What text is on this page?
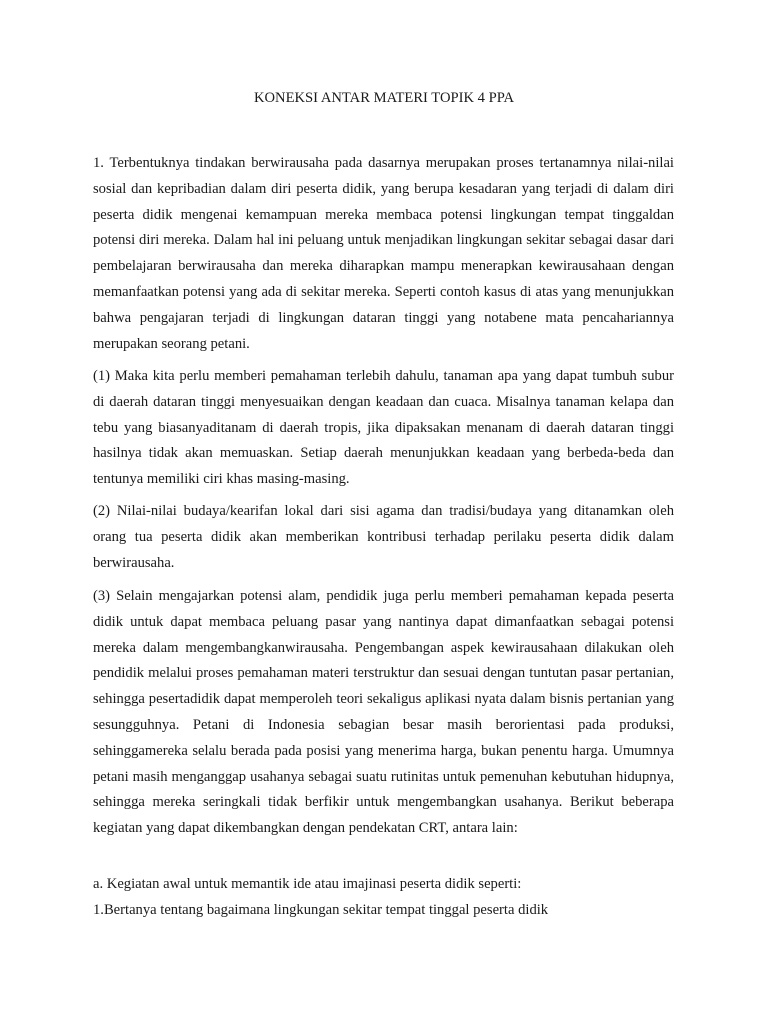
KONEKSI ANTAR MATERI TOPIK 4 PPA

1. Terbentuknya tindakan berwirausaha pada dasarnya merupakan proses tertanamnya nilai-nilai sosial dan kepribadian dalam diri peserta didik, yang berupa kesadaran yang terjadi di dalam diri peserta didik mengenai kemampuan mereka membaca potensi lingkungan tempat tinggaldan potensi diri mereka. Dalam hal ini peluang untuk menjadikan lingkungan sekitar sebagai dasar dari pembelajaran berwirausaha dan mereka diharapkan mampu menerapkan kewirausahaan dengan memanfaatkan potensi yang ada di sekitar mereka. Seperti contoh kasus di atas yang menunjukkan bahwa pengajaran terjadi di lingkungan dataran tinggi yang notabene mata pencahariannya merupakan seorang petani.

(1) Maka kita perlu memberi pemahaman terlebih dahulu, tanaman apa yang dapat tumbuh subur di daerah dataran tinggi menyesuaikan dengan keadaan dan cuaca. Misalnya tanaman kelapa dan tebu yang biasanyaditanam di daerah tropis, jika dipaksakan menanam di daerah dataran tinggi hasilnya tidak akan memuaskan. Setiap daerah menunjukkan keadaan yang berbeda-beda dan tentunya memiliki ciri khas masing-masing.

(2) Nilai-nilai budaya/kearifan lokal dari sisi agama dan tradisi/budaya yang ditanamkan oleh orang tua peserta didik akan memberikan kontribusi terhadap perilaku peserta didik dalam berwirausaha.

(3) Selain mengajarkan potensi alam, pendidik juga perlu memberi pemahaman kepada peserta didik untuk dapat membaca peluang pasar yang nantinya dapat dimanfaatkan sebagai potensi mereka dalam mengembangkanwirausaha. Pengembangan aspek kewirausahaan dilakukan oleh pendidik melalui proses pemahaman materi terstruktur dan sesuai dengan tuntutan pasar pertanian, sehingga pesertadidik dapat memperoleh teori sekaligus aplikasi nyata dalam bisnis pertanian yang sesungguhnya. Petani di Indonesia sebagian besar masih berorientasi pada produksi, sehinggamereka selalu berada pada posisi yang menerima harga, bukan penentu harga. Umumnya petani masih menganggap usahanya sebagai suatu rutinitas untuk pemenuhan kebutuhan hidupnya, sehingga mereka seringkali tidak berfikir untuk mengembangkan usahanya. Berikut beberapa kegiatan yang dapat dikembangkan dengan pendekatan CRT, antara lain:

a. Kegiatan awal untuk memantik ide atau imajinasi peserta didik seperti:

1.Bertanya tentang bagaimana lingkungan sekitar tempat tinggal peserta didik
